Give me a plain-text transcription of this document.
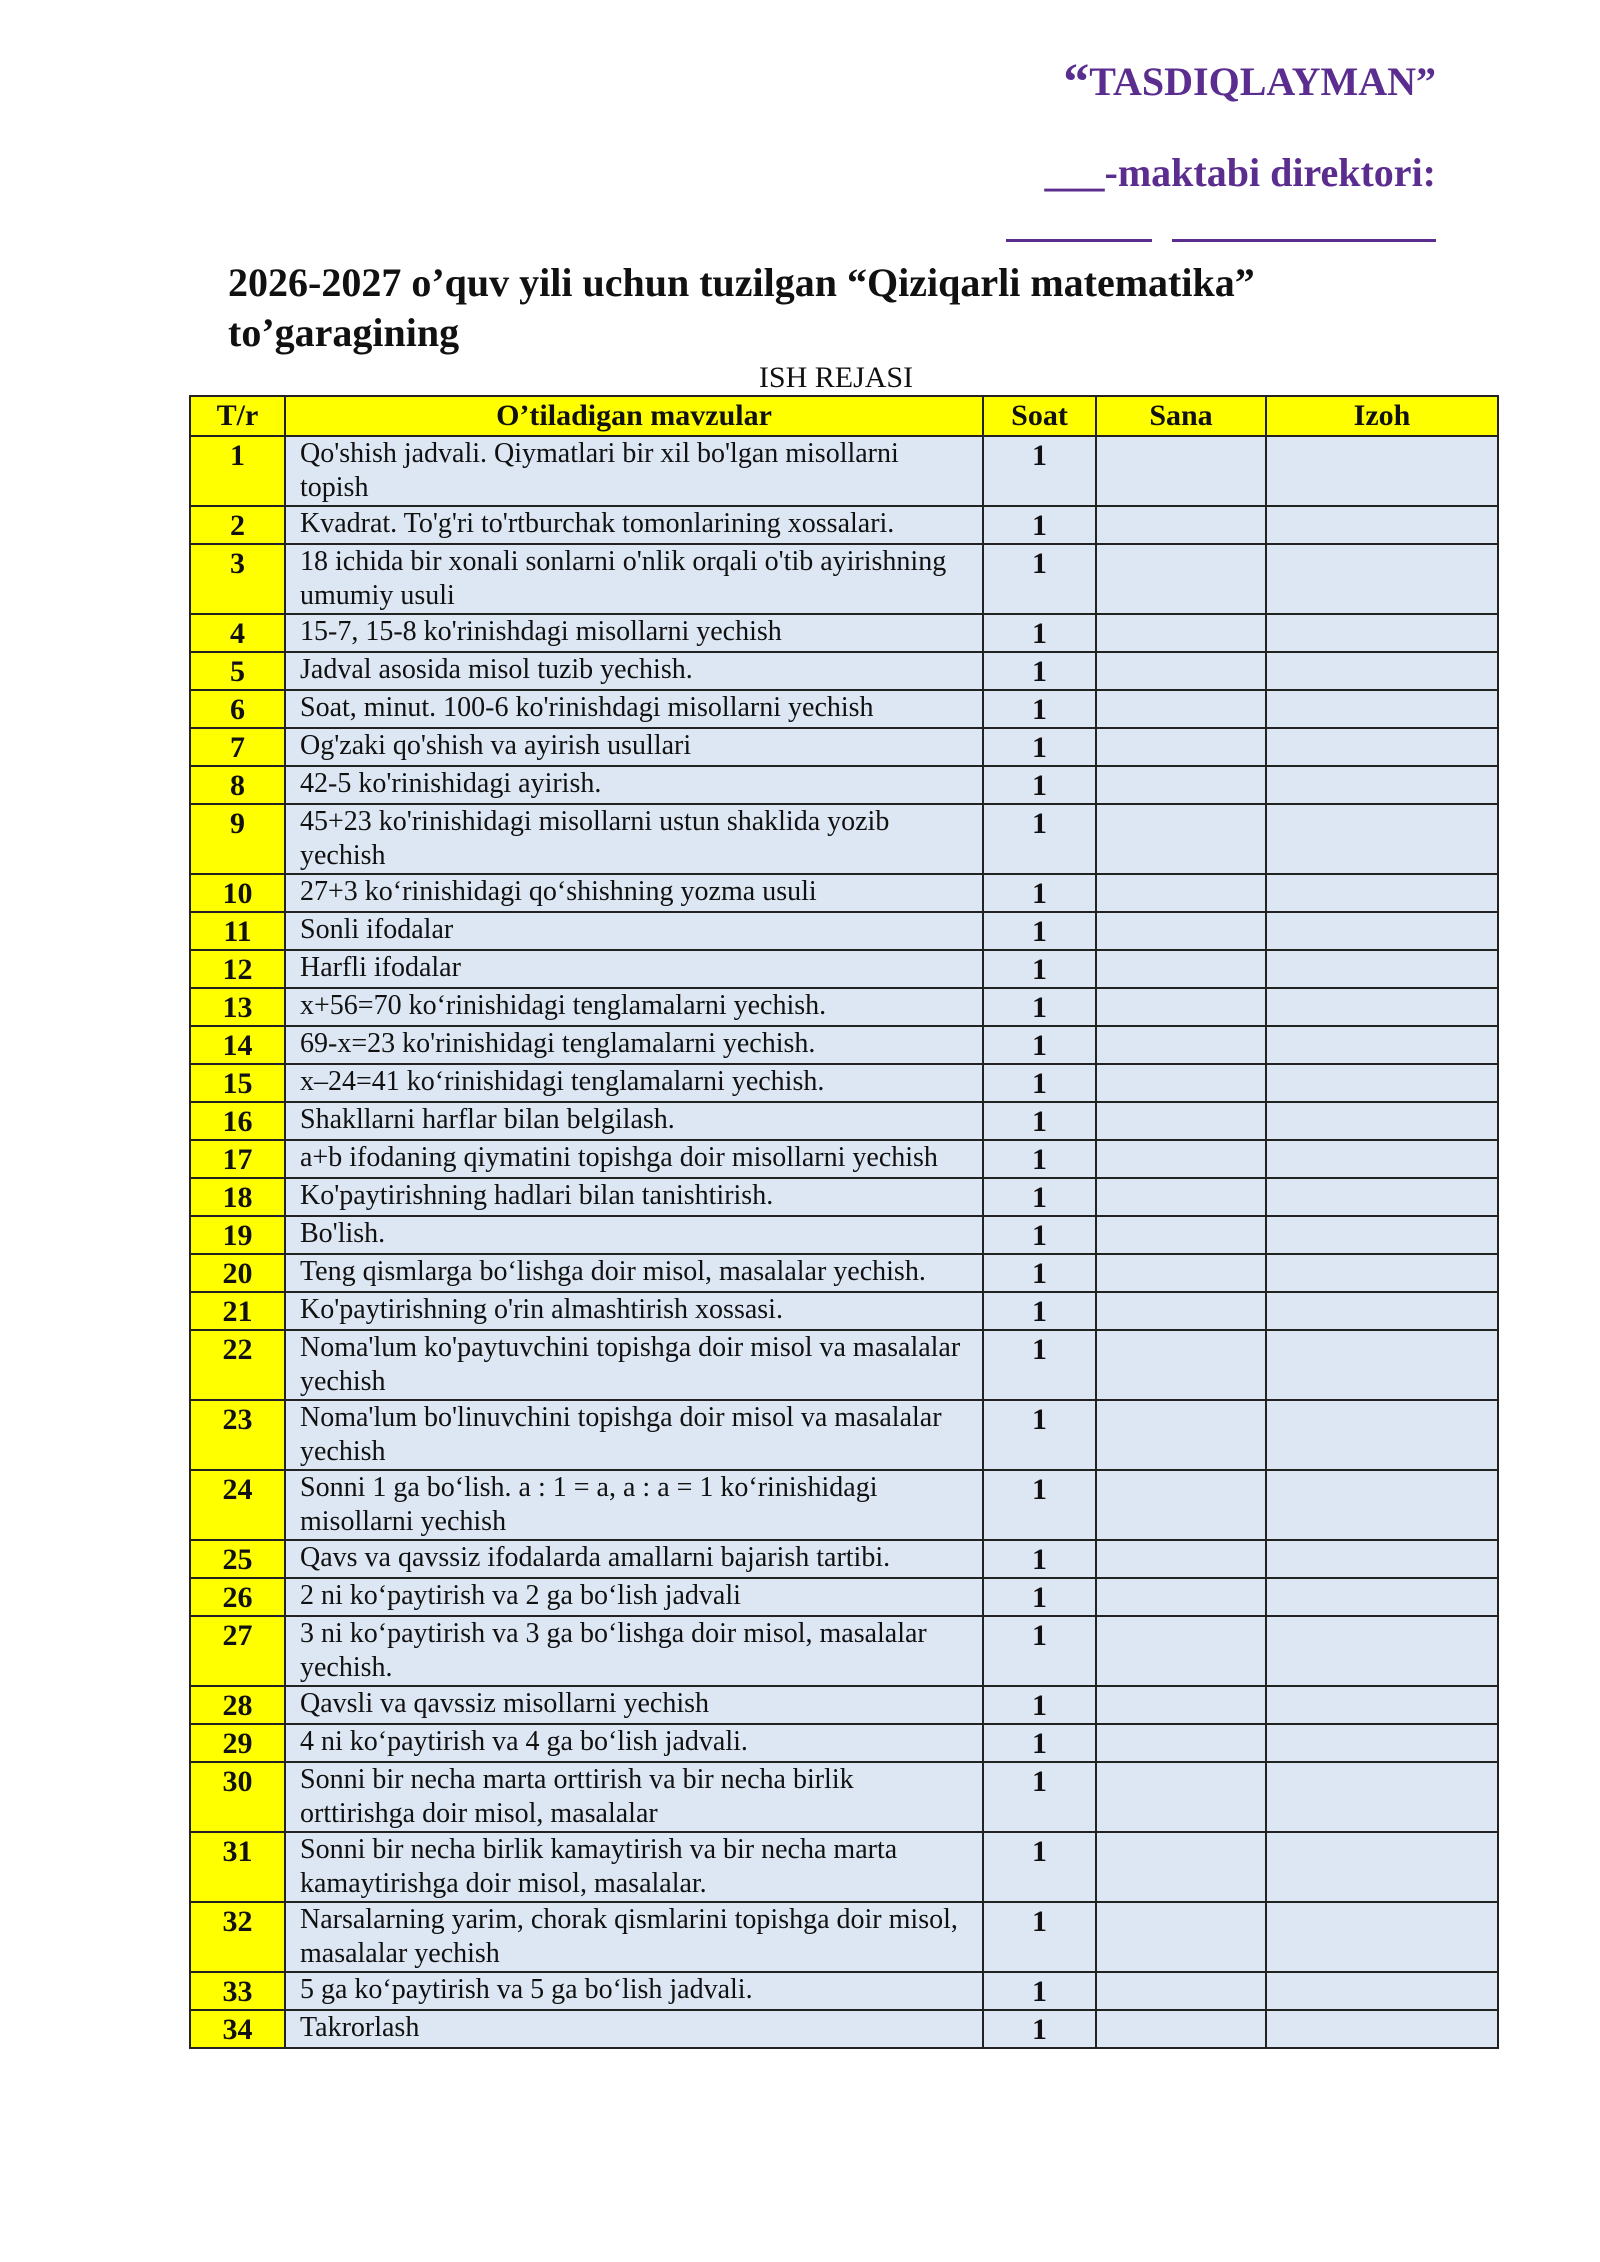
“TASDIQLAYMAN”
___-maktabi direktori:
2026-2027 o’quv yili uchun tuzilgan “Qiziqarli matematika” to’garagining
ISH REJASI
T/r	O’tiladigan mavzular	Soat	Sana	Izoh
1	Qo'shish jadvali. Qiymatlari bir xil bo'lgan misollarni topish	1		
2	Kvadrat. To'g'ri to'rtburchak tomonlarining xossalari.	1		
3	18 ichida bir xonali sonlarni o'nlik orqali o'tib ayirishning umumiy usuli	1		
4	15-7, 15-8 ko'rinishdagi misollarni yechish	1		
5	Jadval asosida misol tuzib yechish.	1		
6	Soat, minut. 100-6 ko'rinishdagi misollarni yechish	1		
7	Og'zaki qo'shish va ayirish usullari	1		
8	42-5 ko'rinishidagi ayirish.	1		
9	45+23 ko'rinishidagi misollarni ustun shaklida yozib yechish	1		
10	27+3 ko‘rinishidagi qo‘shishning yozma usuli	1		
11	Sonli ifodalar	1		
12	Harfli ifodalar	1		
13	x+56=70 ko‘rinishidagi tenglamalarni yechish.	1		
14	69-x=23 ko'rinishidagi tenglamalarni yechish.	1		
15	x–24=41 ko‘rinishidagi tenglamalarni yechish.	1		
16	Shakllarni harflar bilan belgilash.	1		
17	a+b ifodaning qiymatini topishga doir misollarni yechish	1		
18	Ko'paytirishning hadlari bilan tanishtirish.	1		
19	Bo'lish.	1		
20	Teng qismlarga bo‘lishga doir misol, masalalar yechish.	1		
21	Ko'paytirishning o'rin almashtirish xossasi.	1		
22	Noma'lum ko'paytuvchini topishga doir misol va masalalar yechish	1		
23	Noma'lum bo'linuvchini topishga doir misol va masalalar yechish	1		
24	Sonni 1 ga bo‘lish. a : 1 = a, a : a = 1 ko‘rinishidagi misollarni yechish	1		
25	Qavs va qavssiz ifodalarda amallarni bajarish tartibi.	1		
26	2 ni ko‘paytirish va 2 ga bo‘lish jadvali	1		
27	3 ni ko‘paytirish va 3 ga bo‘lishga doir misol, masalalar yechish.	1		
28	Qavsli va qavssiz misollarni yechish	1		
29	4 ni ko‘paytirish va 4 ga bo‘lish jadvali.	1		
30	Sonni bir necha marta orttirish va bir necha birlik orttirishga doir misol, masalalar	1		
31	Sonni bir necha birlik kamaytirish va bir necha marta kamaytirishga doir misol, masalalar.	1		
32	Narsalarning yarim, chorak qismlarini topishga doir misol, masalalar yechish	1		
33	5 ga ko‘paytirish va 5 ga bo‘lish jadvali.	1		
34	Takrorlash	1		
